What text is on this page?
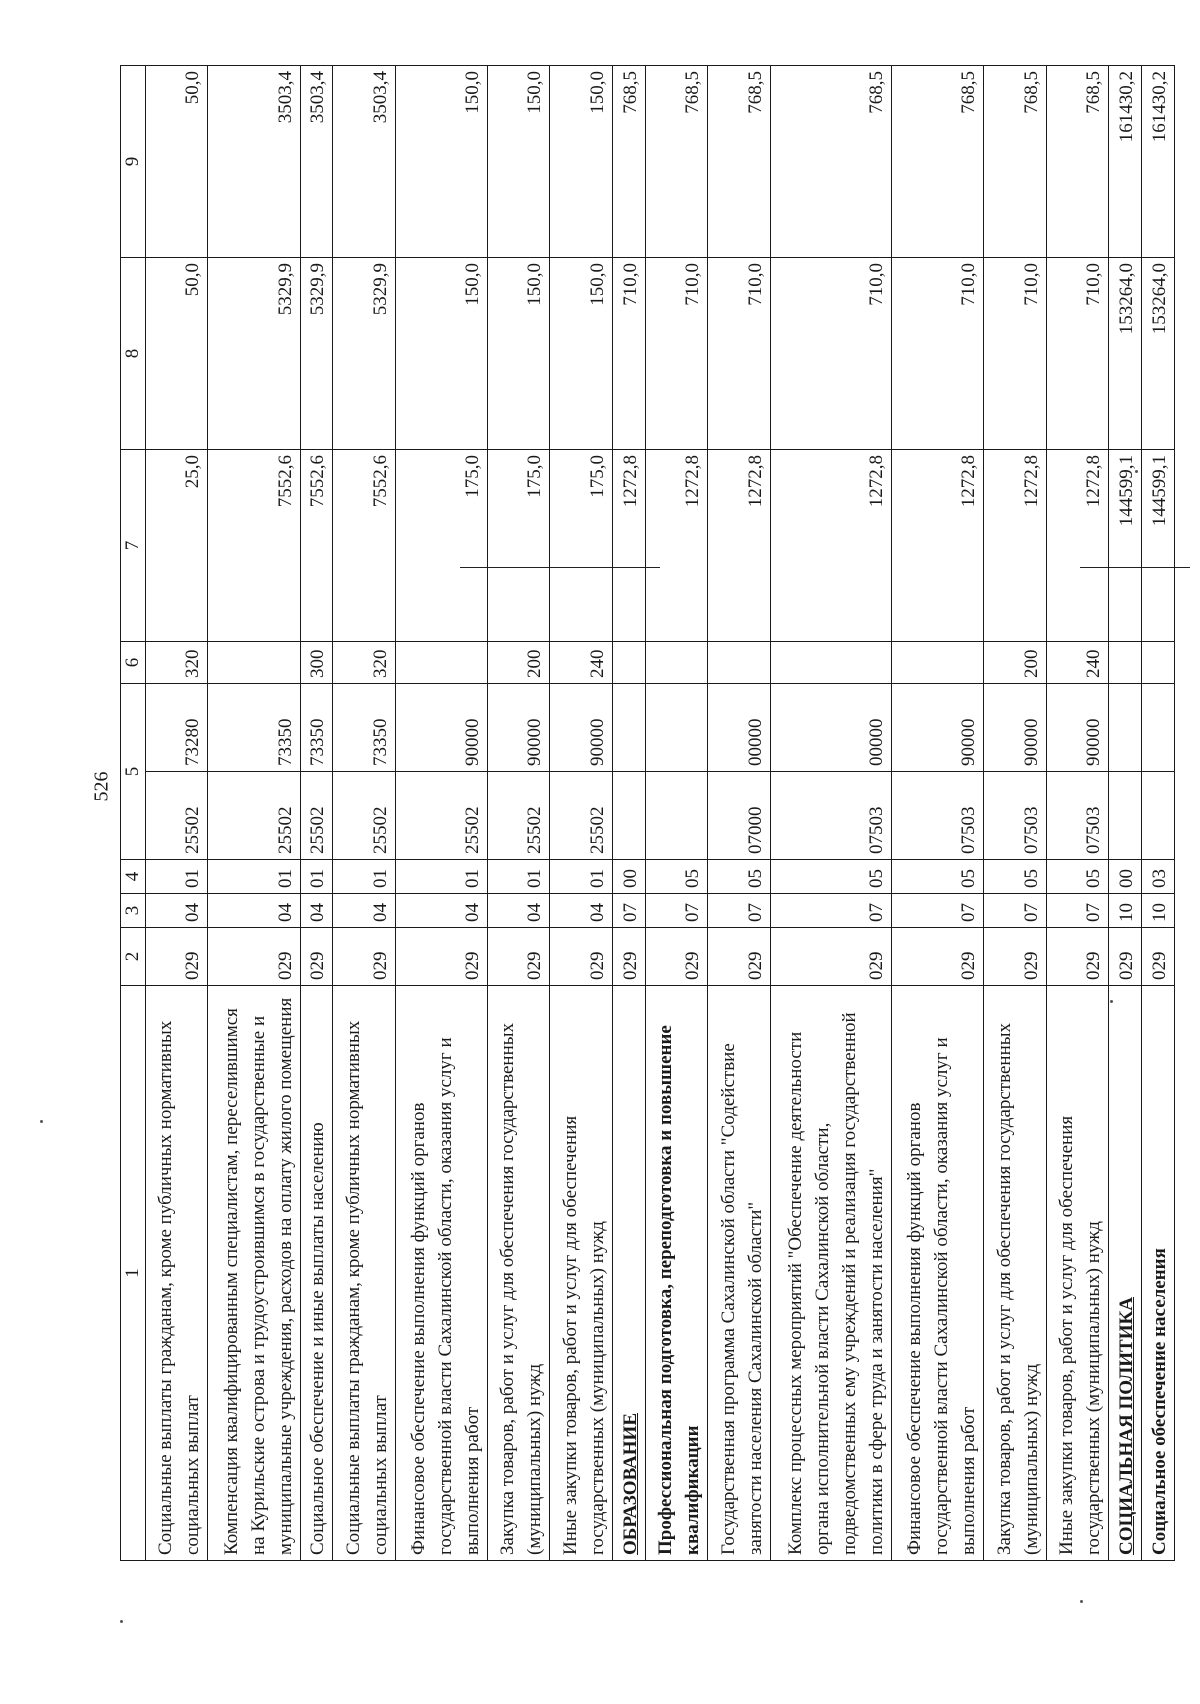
526
1	2	3	4	5		6	7	8	9
Социальные выплаты гражданам, кроме публичных нормативных социальных выплат	029	04	01	25502	73280	320	25,0	50,0	50,0
Компенсация квалифицированным специалистам, переселившимся на Курильские острова и трудоустроившимся в государственные и муниципальные учреждения, расходов на оплату жилого помещения	029	04	01	25502	73350		7552,6	5329,9	3503,4
Социальное обеспечение и иные выплаты населению	029	04	01	25502	73350	300	7552,6	5329,9	3503,4
Социальные выплаты гражданам, кроме публичных нормативных социальных выплат	029	04	01	25502	73350	320	7552,6	5329,9	3503,4
Финансовое обеспечение выполнения функций органов государственной власти Сахалинской области, оказания услуг и выполнения работ	029	04	01	25502	90000		175,0	150,0	150,0
Закупка товаров, работ и услуг для обеспечения государственных (муниципальных) нужд	029	04	01	25502	90000	200	175,0	150,0	150,0
Иные закупки товаров, работ и услуг для обеспечения государственных (муниципальных) нужд	029	04	01	25502	90000	240	175,0	150,0	150,0
ОБРАЗОВАНИЕ	029	07	00				1272,8	710,0	768,5
Профессиональная подготовка, переподготовка и повышение квалификации	029	07	05				1272,8	710,0	768,5
Государственная программа Сахалинской области "Содействие занятости населения Сахалинской области"	029	07	05	07000	00000		1272,8	710,0	768,5
Комплекс процессных мероприятий "Обеспечение деятельности органа исполнительной власти Сахалинской области, подведомственных ему учреждений и реализация государственной политики в сфере труда и занятости населения"	029	07	05	07503	00000		1272,8	710,0	768,5
Финансовое обеспечение выполнения функций органов государственной власти Сахалинской области, оказания услуг и выполнения работ	029	07	05	07503	90000		1272,8	710,0	768,5
Закупка товаров, работ и услуг для обеспечения государственных (муниципальных) нужд	029	07	05	07503	90000	200	1272,8	710,0	768,5
Иные закупки товаров, работ и услуг для обеспечения государственных (муниципальных) нужд	029	07	05	07503	90000	240	1272,8	710,0	768,5
СОЦИАЛЬНАЯ ПОЛИТИКА	029	10	00				144599,1	153264,0	161430,2
Социальное обеспечение населения	029	10	03				144599,1	153264,0	161430,2
